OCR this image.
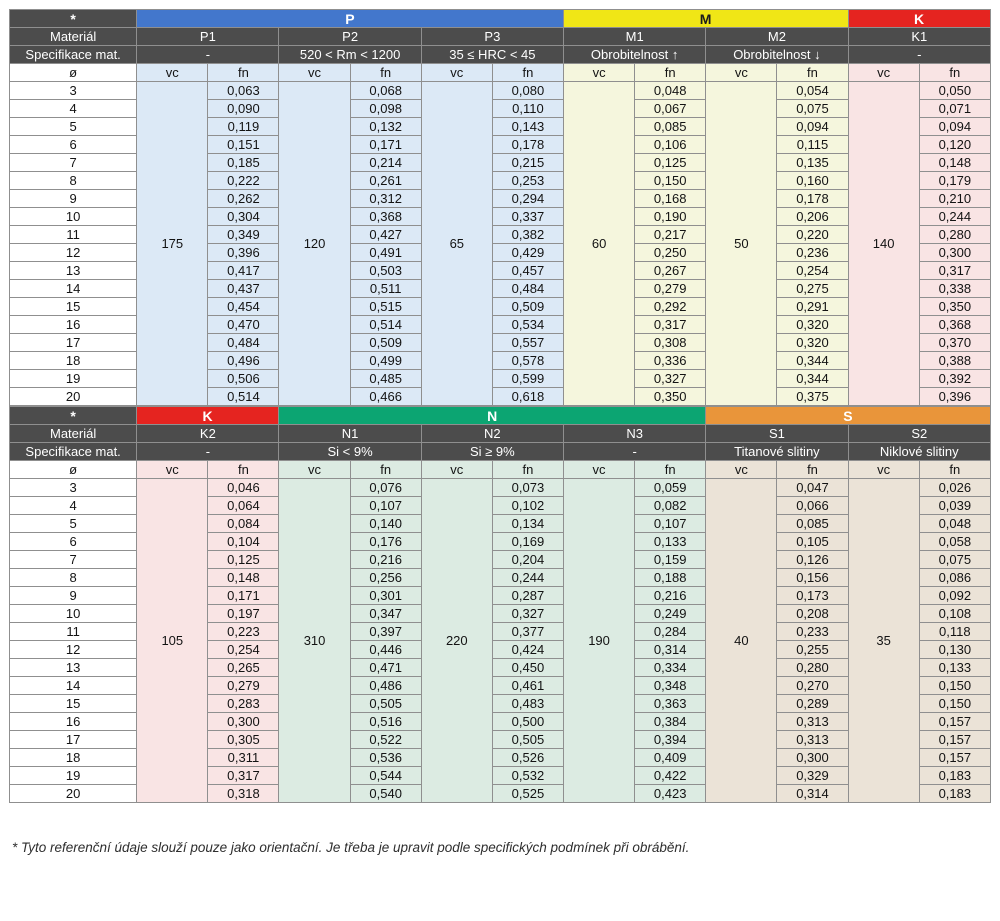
*	P						M				K	
Materiál	P1		P2		P3		M1		M2		K1	
Specifikace mat.	-		520 < Rm < 1200		35 ≤ HRC < 45		Obrobitelnost ↑		Obrobitelnost ↓		-	
ø	vc	fn	vc	fn	vc	fn	vc	fn	vc	fn	vc	fn
3	175	0,063	120	0,068	65	0,080	60	0,048	50	0,054	140	0,050
4		0,090		0,098		0,110		0,067		0,075		0,071
5		0,119		0,132		0,143		0,085		0,094		0,094
6		0,151		0,171		0,178		0,106		0,115		0,120
7		0,185		0,214		0,215		0,125		0,135		0,148
8		0,222		0,261		0,253		0,150		0,160		0,179
9		0,262		0,312		0,294		0,168		0,178		0,210
10		0,304		0,368		0,337		0,190		0,206		0,244
11		0,349		0,427		0,382		0,217		0,220		0,280
12		0,396		0,491		0,429		0,250		0,236		0,300
13		0,417		0,503		0,457		0,267		0,254		0,317
14		0,437		0,511		0,484		0,279		0,275		0,338
15		0,454		0,515		0,509		0,292		0,291		0,350
16		0,470		0,514		0,534		0,317		0,320		0,368
17		0,484		0,509		0,557		0,308		0,320		0,370
18		0,496		0,499		0,578		0,336		0,344		0,388
19		0,506		0,485		0,599		0,327		0,344		0,392
20		0,514		0,466		0,618		0,350		0,375		0,396
*	K		N						S			
Materiál	K2		N1		N2		N3		S1		S2	
Specifikace mat.	-		Si < 9%		Si ≥ 9%		-		Titanové slitiny		Niklové slitiny	
ø	vc	fn	vc	fn	vc	fn	vc	fn	vc	fn	vc	fn
3	105	0,046	310	0,076	220	0,073	190	0,059	40	0,047	35	0,026
4		0,064		0,107		0,102		0,082		0,066		0,039
5		0,084		0,140		0,134		0,107		0,085		0,048
6		0,104		0,176		0,169		0,133		0,105		0,058
7		0,125		0,216		0,204		0,159		0,126		0,075
8		0,148		0,256		0,244		0,188		0,156		0,086
9		0,171		0,301		0,287		0,216		0,173		0,092
10		0,197		0,347		0,327		0,249		0,208		0,108
11		0,223		0,397		0,377		0,284		0,233		0,118
12		0,254		0,446		0,424		0,314		0,255		0,130
13		0,265		0,471		0,450		0,334		0,280		0,133
14		0,279		0,486		0,461		0,348		0,270		0,150
15		0,283		0,505		0,483		0,363		0,289		0,150
16		0,300		0,516		0,500		0,384		0,313		0,157
17		0,305		0,522		0,505		0,394		0,313		0,157
18		0,311		0,536		0,526		0,409		0,300		0,157
19		0,317		0,544		0,532		0,422		0,329		0,183
20		0,318		0,540		0,525		0,423		0,314		0,183

* Tyto referenční údaje slouží pouze jako orientační. Je třeba je upravit podle specifických podmínek při obrábění.
